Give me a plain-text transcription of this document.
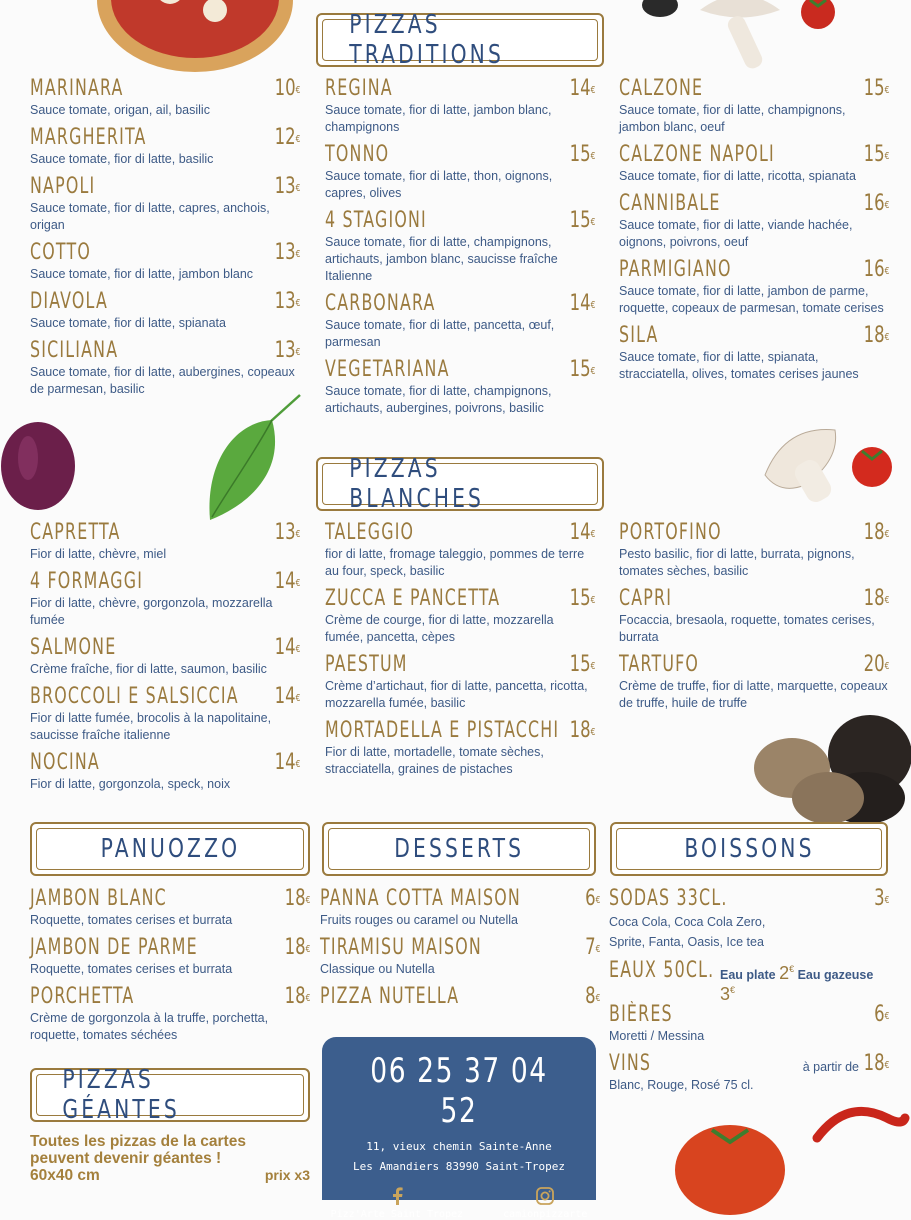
PIZZAS TRADITIONS
PIZZAS BLANCHES
PANUOZZO	DESSERTS	BOISSONS
PIZZAS GÉANTES
MARINARA	10€
Sauce tomate, origan, ail, basilic
MARGHERITA	12€
Sauce tomate, fior di latte, basilic
NAPOLI	13€
Sauce tomate, fior di latte, capres, anchois, origan
COTTO	13€
Sauce tomate, fior di latte, jambon blanc
DIAVOLA	13€
Sauce tomate, fior di latte, spianata
SICILIANA	13€
Sauce tomate, fior di latte, aubergines, copeaux de parmesan, basilic
REGINA	14€
Sauce tomate, fior di latte, jambon blanc, champignons
TONNO	15€
Sauce tomate, fior di latte, thon, oignons, capres, olives
4 STAGIONI	15€
Sauce tomate, fior di latte, champignons, artichauts, jambon blanc, saucisse fraîche Italienne
CARBONARA	14€
Sauce tomate, fior di latte, pancetta, œuf, parmesan
VEGETARIANA	15€
Sauce tomate, fior di latte, champignons, artichauts, aubergines, poivrons, basilic
CALZONE	15€
Sauce tomate, fior di latte, champignons, jambon blanc, oeuf
CALZONE NAPOLI	15€
Sauce tomate, fior di latte, ricotta, spianata
CANNIBALE	16€
Sauce tomate, fior di latte, viande hachée, oignons, poivrons, oeuf
PARMIGIANO	16€
Sauce tomate, fior di latte, jambon de parme, roquette, copeaux de parmesan, tomate cerises
SILA	18€
Sauce tomate, fior di latte, spianata, stracciatella, olives, tomates cerises jaunes
CAPRETTA	13€
Fior di latte, chèvre, miel
4 FORMAGGI	14€
Fior di latte, chèvre, gorgonzola, mozzarella fumée
SALMONE	14€
Crème fraîche, fior di latte, saumon, basilic
BROCCOLI E SALSICCIA 14€
Fior di latte fumée, brocolis à la napolitaine, saucisse fraîche italienne
NOCINA	14€
Fior di latte, gorgonzola, speck, noix
TALEGGIO	14€
fior di latte, fromage taleggio, pommes de terre au four, speck, basilic
ZUCCA E PANCETTA	15€
Crème de courge, fior di latte, mozzarella fumée, pancetta, cèpes
PAESTUM	15€
Crème d’artichaut, fior di latte, pancetta, ricotta, mozzarella fumée, basilic
MORTADELLA E PISTACCHI 18€
Fior di latte, mortadelle, tomate sèches, stracciatella, graines de pistaches
PORTOFINO	18€
Pesto basilic, fior di latte, burrata, pignons, tomates sèches, basilic
CAPRI	18€
Focaccia, bresaola, roquette, tomates cerises, burrata
TARTUFO	20€
Crème de truffe, fior di latte, marquette, copeaux de truffe, huile de truffe
JAMBON BLANC	18€
Roquette, tomates cerises et burrata
JAMBON DE PARME	18€
Roquette, tomates cerises et burrata
PORCHETTA	18€
Crème de gorgonzola à la truffe, porchetta, roquette, tomates séchées
PANNA COTTA MAISON	6€
Fruits rouges ou caramel ou Nutella
TIRAMISU MAISON	7€
Classique ou Nutella
PIZZA NUTELLA	8€
SODAS 33CL.	3€
Coca Cola, Coca Cola Zero, Sprite, Fanta, Oasis, Ice tea
EAUX 50CL. Eau plate 2€ Eau gazeuse 3€
BIÈRES	6€
Moretti / Messina
VINS	à partir de 18€
Blanc, Rouge, Rosé 75 cl.
06 25 37 04 52
11, vieux chemin Sainte-Anne
Les Amandiers 83990 Saint-Tropez
Pizz'Arte Saint Tropez	camionpizzarte
Toutes les pizzas de la cartes peuvent devenir géantes !
60x40 cm	prix x3
